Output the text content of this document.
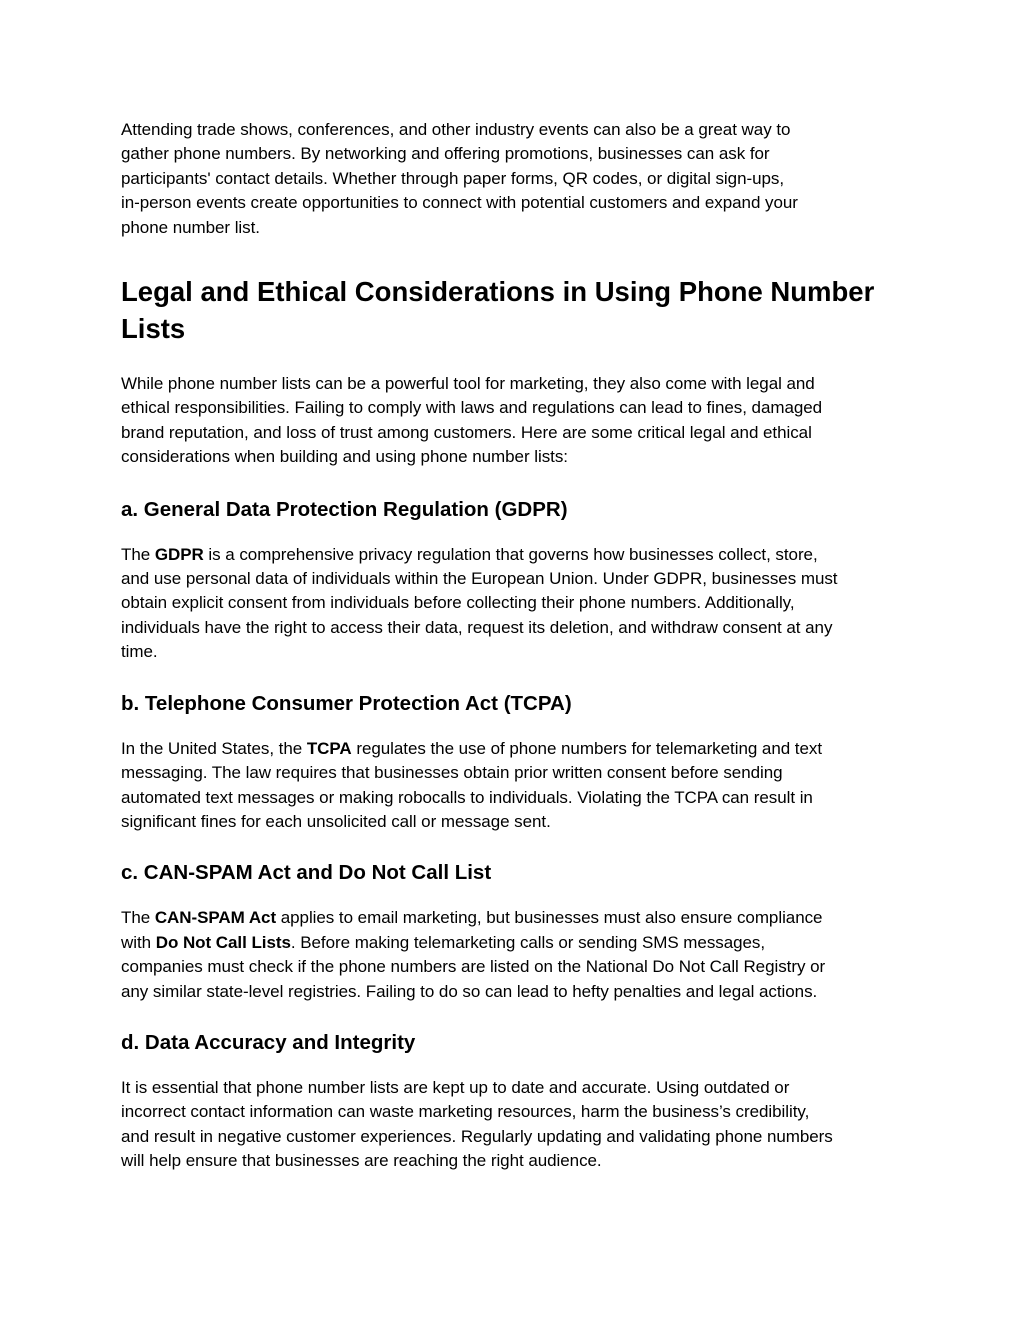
Attending trade shows, conferences, and other industry events can also be a great way to
gather phone numbers. By networking and offering promotions, businesses can ask for
participants' contact details. Whether through paper forms, QR codes, or digital sign-ups,
in-person events create opportunities to connect with potential customers and expand your
phone number list.

Legal and Ethical Considerations in Using Phone Number
Lists

While phone number lists can be a powerful tool for marketing, they also come with legal and
ethical responsibilities. Failing to comply with laws and regulations can lead to fines, damaged
brand reputation, and loss of trust among customers. Here are some critical legal and ethical
considerations when building and using phone number lists:

a. General Data Protection Regulation (GDPR)

The GDPR is a comprehensive privacy regulation that governs how businesses collect, store,
and use personal data of individuals within the European Union. Under GDPR, businesses must
obtain explicit consent from individuals before collecting their phone numbers. Additionally,
individuals have the right to access their data, request its deletion, and withdraw consent at any
time.

b. Telephone Consumer Protection Act (TCPA)

In the United States, the TCPA regulates the use of phone numbers for telemarketing and text
messaging. The law requires that businesses obtain prior written consent before sending
automated text messages or making robocalls to individuals. Violating the TCPA can result in
significant fines for each unsolicited call or message sent.

c. CAN-SPAM Act and Do Not Call List

The CAN-SPAM Act applies to email marketing, but businesses must also ensure compliance
with Do Not Call Lists. Before making telemarketing calls or sending SMS messages,
companies must check if the phone numbers are listed on the National Do Not Call Registry or
any similar state-level registries. Failing to do so can lead to hefty penalties and legal actions.

d. Data Accuracy and Integrity

It is essential that phone number lists are kept up to date and accurate. Using outdated or
incorrect contact information can waste marketing resources, harm the business’s credibility,
and result in negative customer experiences. Regularly updating and validating phone numbers
will help ensure that businesses are reaching the right audience.
